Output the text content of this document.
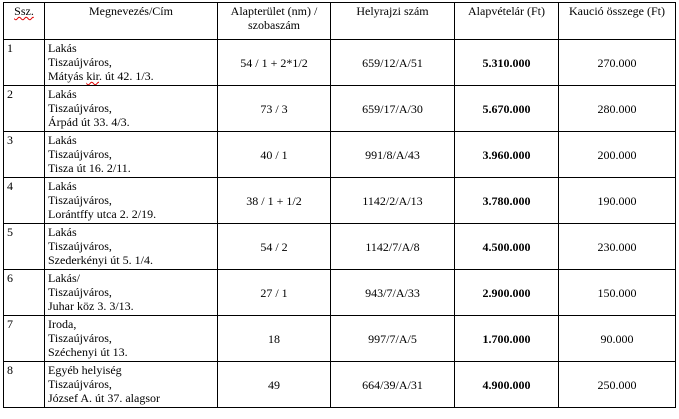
Ssz.	Megnevezés/Cím	Alapterület (nm) / szobaszám	Helyrajzi szám	Alapvételár (Ft)	Kaució összege (Ft)
1	Lakás
Tiszaújváros,
Mátyás kir. út 42. 1/3.	54 / 1 + 2*1/2	659/12/A/51	5.310.000	270.000
2	Lakás
Tiszaújváros,
Árpád út 33. 4/3.	73 / 3	659/17/A/30	5.670.000	280.000
3	Lakás
Tiszaújváros,
Tisza út 16. 2/11.	40 / 1	991/8/A/43	3.960.000	200.000
4	Lakás
Tiszaújváros,
Lorántffy utca 2. 2/19.	38 / 1 + 1/2	1142/2/A/13	3.780.000	190.000
5	Lakás
Tiszaújváros,
Szederkényi út 5. 1/4.	54 / 2	1142/7/A/8	4.500.000	230.000
6	Lakás/
Tiszaújváros,
Juhar köz 3. 3/13.	27 / 1	943/7/A/33	2.900.000	150.000
7	Iroda,
Tiszaújváros,
Széchenyi út 13.	18	997/7/A/5	1.700.000	90.000
8	Egyéb helyiség
Tiszaújváros,
József A. út 37. alagsor	49	664/39/A/31	4.900.000	250.000
